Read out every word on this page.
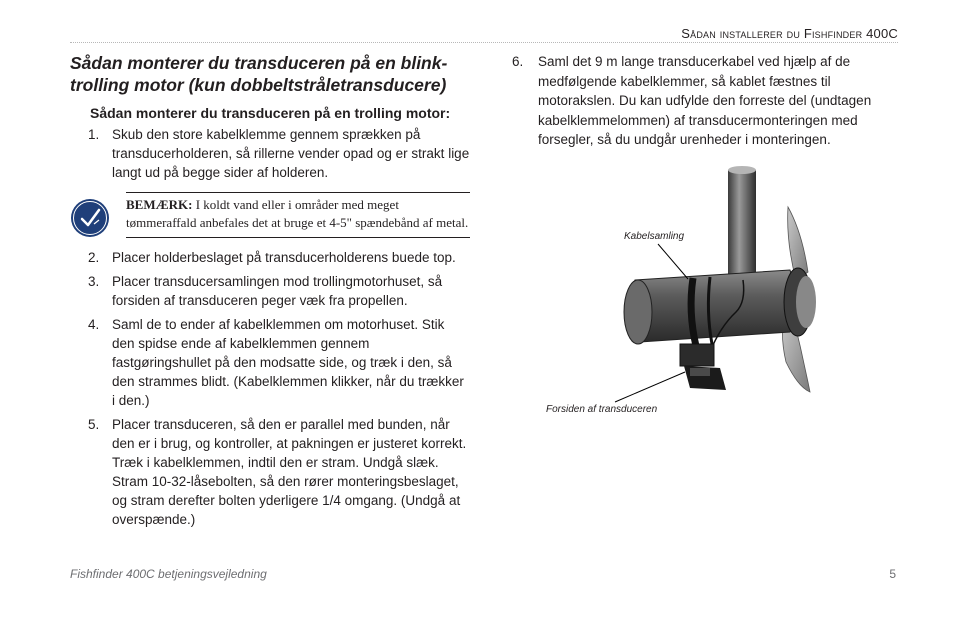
Sådan installerer du Fishfinder 400C
Sådan monterer du transduceren på en blink-trolling motor (kun dobbeltstråletransducere)
Sådan monterer du transduceren på en trolling motor:
1. Skub den store kabelklemme gennem sprækken på transducerholderen, så rillerne vender opad og er strakt lige langt ud på begge sider af holderen.
BEMÆRK: I koldt vand eller i områder med meget tømmeraffald anbefales det at bruge et 4-5" spændebånd af metal.
2. Placer holderbeslaget på transducerholderens buede top.
3. Placer transducersamlingen mod trollingmotorhuset, så forsiden af transduceren peger væk fra propellen.
4. Saml de to ender af kabelklemmen om motorhuset. Stik den spidse ende af kabelklemmen gennem fastgøringshullet på den modsatte side, og træk i den, så den strammes blidt. (Kabelklemmen klikker, når du trækker i den.)
5. Placer transduceren, så den er parallel med bunden, når den er i brug, og kontroller, at pakningen er justeret korrekt. Træk i kabelklemmen, indtil den er stram. Undgå slæk. Stram 10-32-låsebolten, så den rører monteringsbeslaget, og stram derefter bolten yderligere 1/4 omgang. (Undgå at overspænde.)
6.	Saml det 9 m lange transducerkabel ved hjælp af de medfølgende kabelklemmer, så kablet fæstnes til motorakslen. Du kan udfylde den forreste del (undtagen kabelklemmelommen) af transducermonteringen med forsegler, så du undgår urenheder i monteringen.
Kabelsamling
Forsiden af transduceren
Fishfinder 400C betjeningsvejledning	5
